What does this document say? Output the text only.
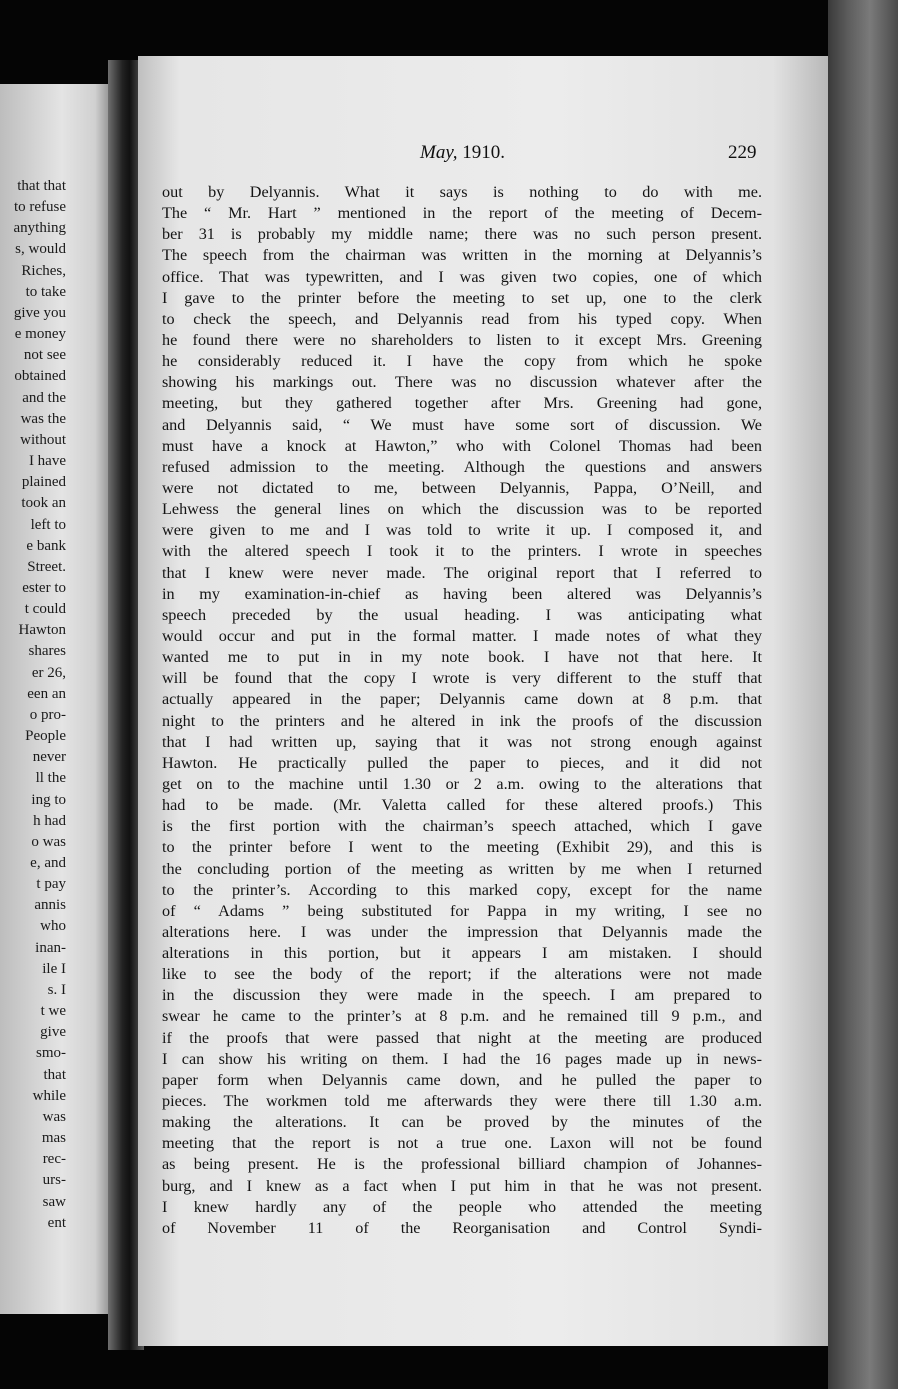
that that
to refuse
anything
s, would
Riches,
to take
give you
e money
not see
obtained
and the
was the
without
I have
plained
took an
left to
e bank
Street.
ester to
t could
Hawton
shares
er 26,
een an
o pro-
People
never
ll the
ing to
h had
o was
e, and
t pay
annis
who
inan-
ile I
s. I
t we
give
smo-
that
while
was
mas
rec-
urs-
saw
ent
May, 1910.	229
out by Delyannis. What it says is nothing to do with me.
The “ Mr. Hart ” mentioned in the report of the meeting of Decem-
ber 31 is probably my middle name; there was no such person present.
The speech from the chairman was written in the morning at Delyannis’s
office. That was typewritten, and I was given two copies, one of which
I gave to the printer before the meeting to set up, one to the clerk
to check the speech, and Delyannis read from his typed copy. When
he found there were no shareholders to listen to it except Mrs. Greening
he considerably reduced it. I have the copy from which he spoke
showing his markings out. There was no discussion whatever after the
meeting, but they gathered together after Mrs. Greening had gone,
and Delyannis said, “ We must have some sort of discussion. We
must have a knock at Hawton,” who with Colonel Thomas had been
refused admission to the meeting. Although the questions and answers
were not dictated to me, between Delyannis, Pappa, O’Neill, and
Lehwess the general lines on which the discussion was to be reported
were given to me and I was told to write it up. I composed it, and
with the altered speech I took it to the printers. I wrote in speeches
that I knew were never made. The original report that I referred to
in my examination-in-chief as having been altered was Delyannis’s
speech preceded by the usual heading. I was anticipating what
would occur and put in the formal matter. I made notes of what they
wanted me to put in in my note book. I have not that here. It
will be found that the copy I wrote is very different to the stuff that
actually appeared in the paper; Delyannis came down at 8 p.m. that
night to the printers and he altered in ink the proofs of the discussion
that I had written up, saying that it was not strong enough against
Hawton. He practically pulled the paper to pieces, and it did not
get on to the machine until 1.30 or 2 a.m. owing to the alterations that
had to be made. (Mr. Valetta called for these altered proofs.) This
is the first portion with the chairman’s speech attached, which I gave
to the printer before I went to the meeting (Exhibit 29), and this is
the concluding portion of the meeting as written by me when I returned
to the printer’s. According to this marked copy, except for the name
of “ Adams ” being substituted for Pappa in my writing, I see no
alterations here. I was under the impression that Delyannis made the
alterations in this portion, but it appears I am mistaken. I should
like to see the body of the report; if the alterations were not made
in the discussion they were made in the speech. I am prepared to
swear he came to the printer’s at 8 p.m. and he remained till 9 p.m., and
if the proofs that were passed that night at the meeting are produced
I can show his writing on them. I had the 16 pages made up in news-
paper form when Delyannis came down, and he pulled the paper to
pieces. The workmen told me afterwards they were there till 1.30 a.m.
making the alterations. It can be proved by the minutes of the
meeting that the report is not a true one. Laxon will not be found
as being present. He is the professional billiard champion of Johannes-
burg, and I knew as a fact when I put him in that he was not present.
I knew hardly any of the people who attended the meeting
of November 11 of the Reorganisation and Control Syndi-
